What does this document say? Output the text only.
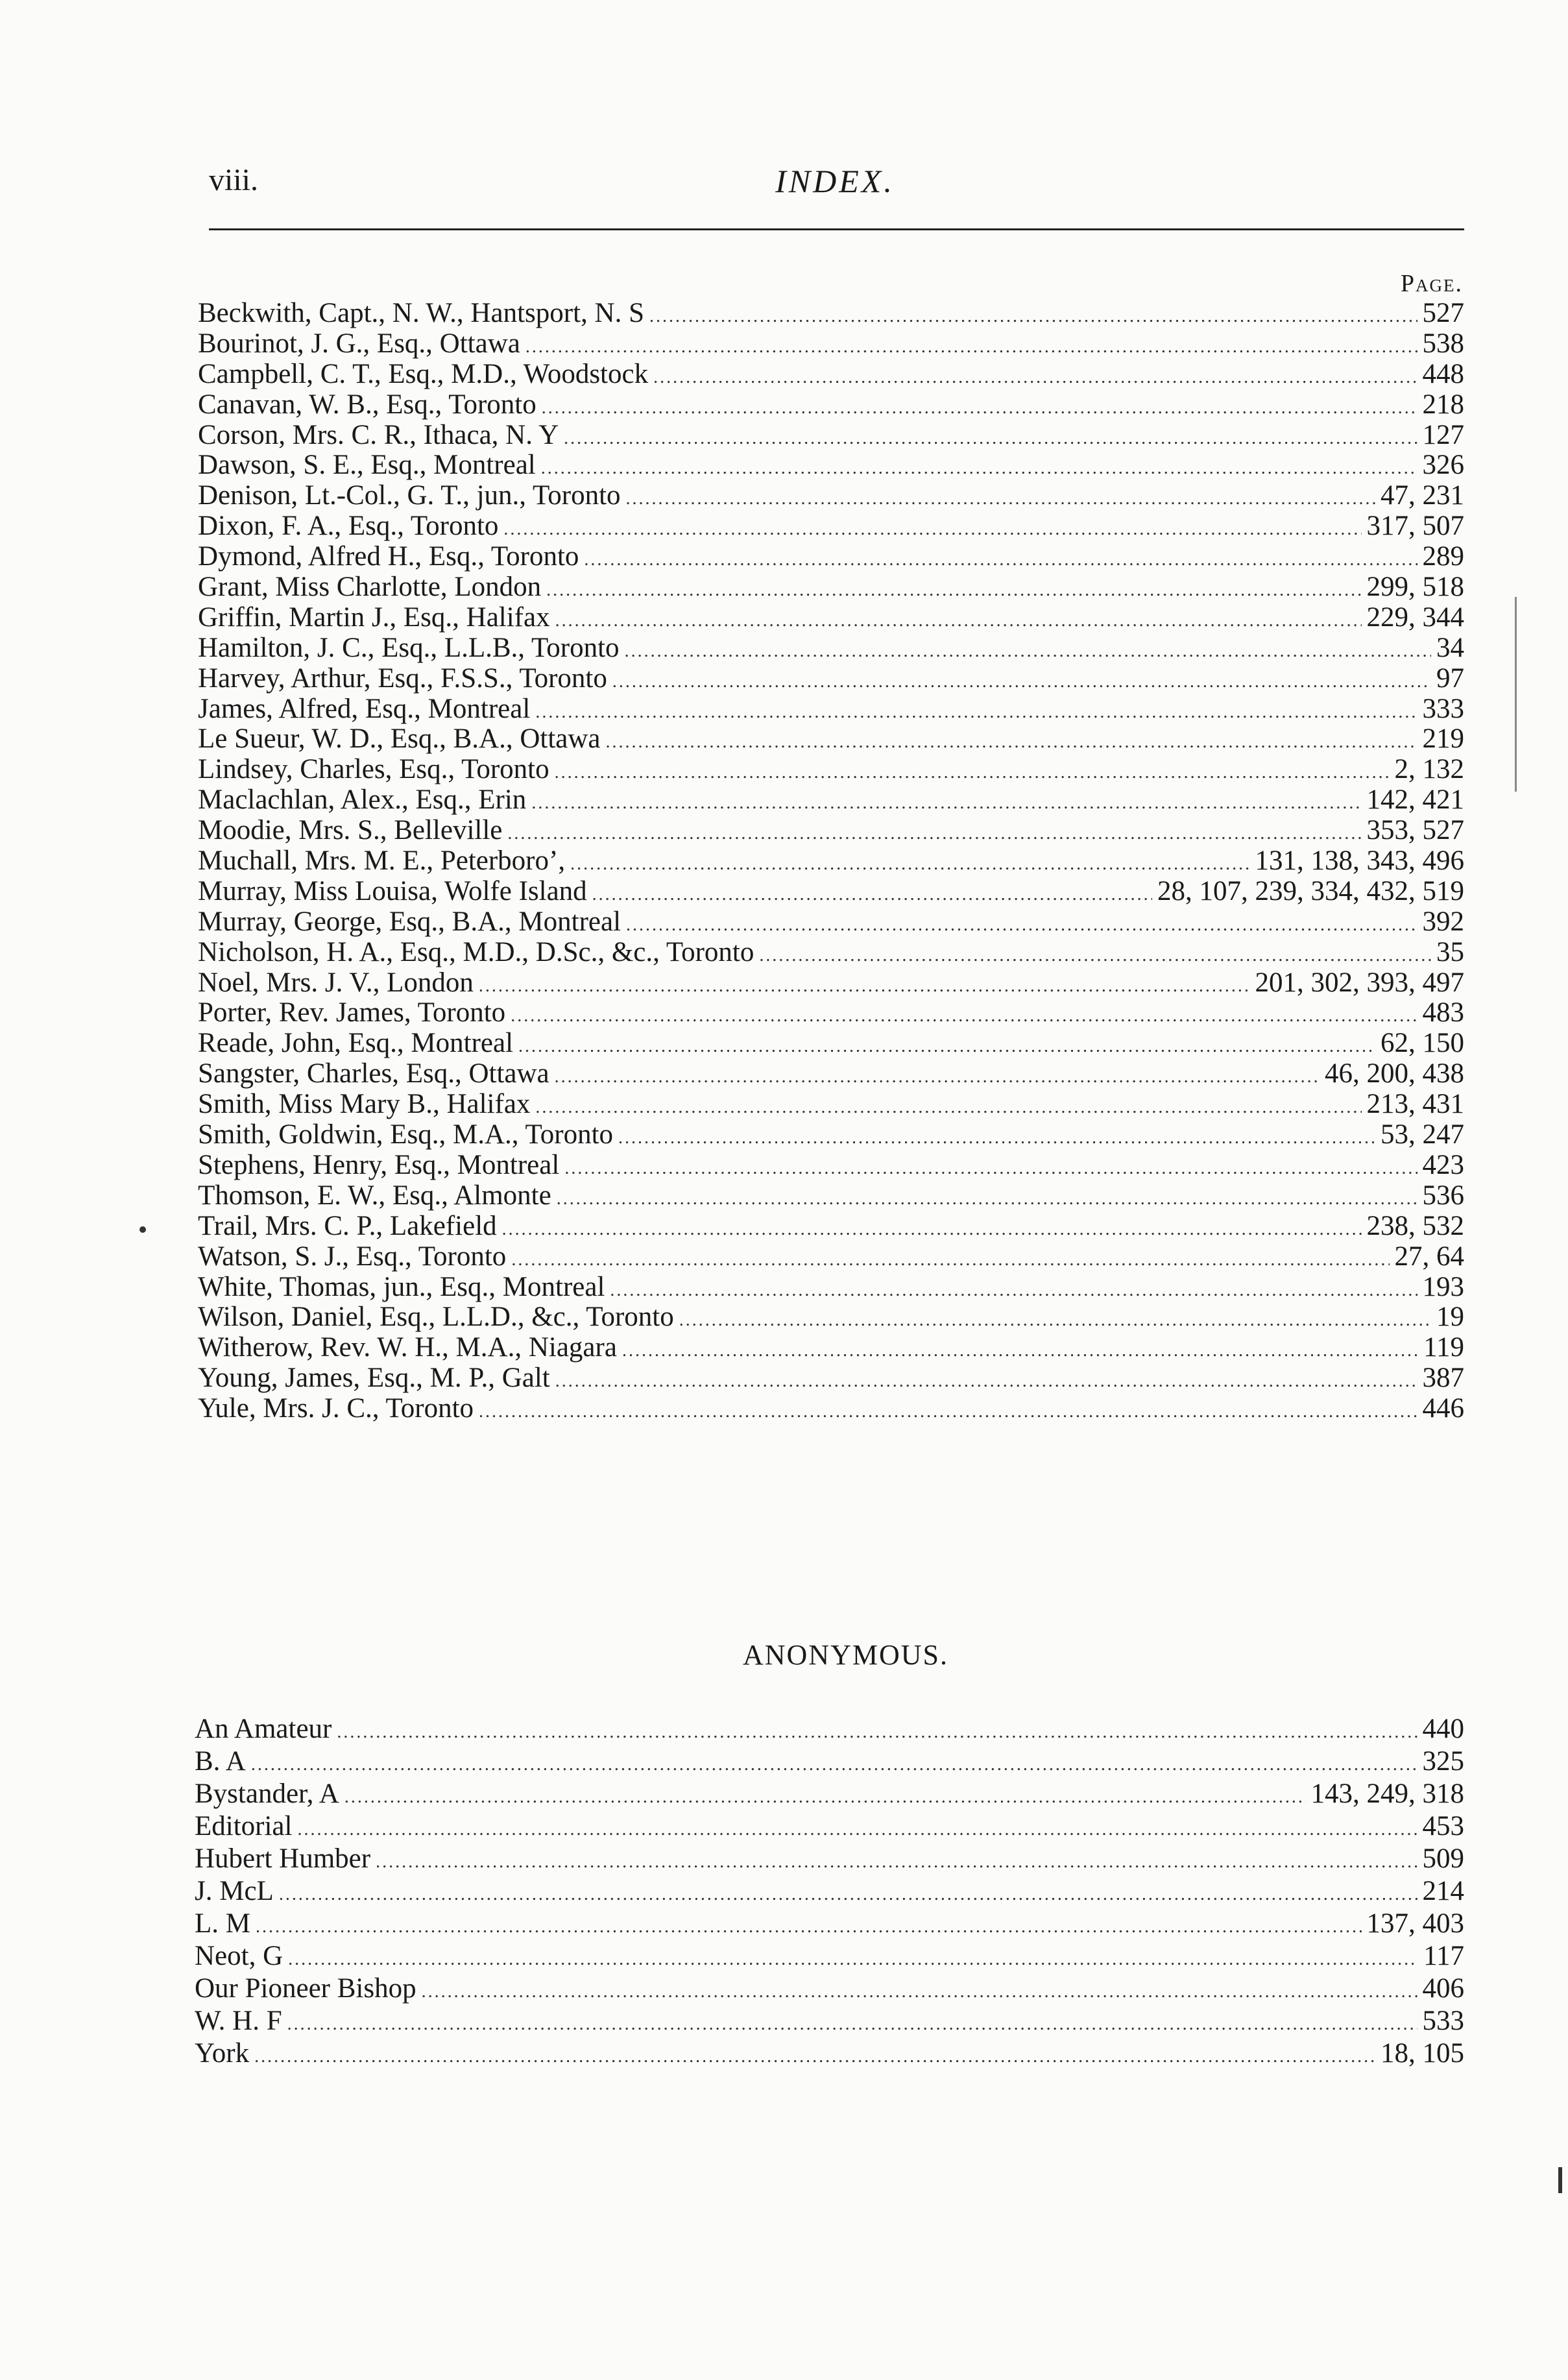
viii.	INDEX.
Page.
Beckwith, Capt., N. W., Hantsport, N. S .....	527
Bourinot, J. G., Esq., Ottawa .....	538
Campbell, C. T., Esq., M.D., Woodstock .....	448
Canavan, W. B., Esq., Toronto .....	218
Corson, Mrs. C. R., Ithaca, N. Y .....	127
Dawson, S. E., Esq., Montreal .....	326
Denison, Lt.-Col., G. T., jun., Toronto .....	47, 231
Dixon, F. A., Esq., Toronto .....	317, 507
Dymond, Alfred H., Esq., Toronto .....	289
Grant, Miss Charlotte, London .....	299, 518
Griffin, Martin J., Esq., Halifax .....	229, 344
Hamilton, J. C., Esq., L.L.B., Toronto .....	34
Harvey, Arthur, Esq., F.S.S., Toronto .....	97
James, Alfred, Esq., Montreal .....	333
Le Sueur, W. D., Esq., B.A., Ottawa .....	219
Lindsey, Charles, Esq., Toronto .....	2, 132
Maclachlan, Alex., Esq., Erin .....	142, 421
Moodie, Mrs. S., Belleville .....	353, 527
Muchall, Mrs. M. E., Peterboro’, .....	131, 138, 343, 496
Murray, Miss Louisa, Wolfe Island .....	28, 107, 239, 334, 432, 519
Murray, George, Esq., B.A., Montreal .....	392
Nicholson, H. A., Esq., M.D., D.Sc., &c., Toronto .....	35
Noel, Mrs. J. V., London .....	201, 302, 393, 497
Porter, Rev. James, Toronto .....	483
Reade, John, Esq., Montreal .....	62, 150
Sangster, Charles, Esq., Ottawa .....	46, 200, 438
Smith, Miss Mary B., Halifax .....	213, 431
Smith, Goldwin, Esq., M.A., Toronto .....	53, 247
Stephens, Henry, Esq., Montreal .....	423
Thomson, E. W., Esq., Almonte .....	536
Trail, Mrs. C. P., Lakefield .....	238, 532
Watson, S. J., Esq., Toronto .....	27, 64
White, Thomas, jun., Esq., Montreal .....	193
Wilson, Daniel, Esq., L.L.D., &c., Toronto .....	19
Witherow, Rev. W. H., M.A., Niagara .....	119
Young, James, Esq., M. P., Galt .....	387
Yule, Mrs. J. C., Toronto .....	446
ANONYMOUS.
An Amateur .....	440
B. A .....	325
Bystander, A .....	143, 249, 318
Editorial .....	453
Hubert Humber .....	509
J. McL .....	214
L. M .....	137, 403
Neot, G .....	117
Our Pioneer Bishop .....	406
W. H. F .....	533
York .....	18, 105
